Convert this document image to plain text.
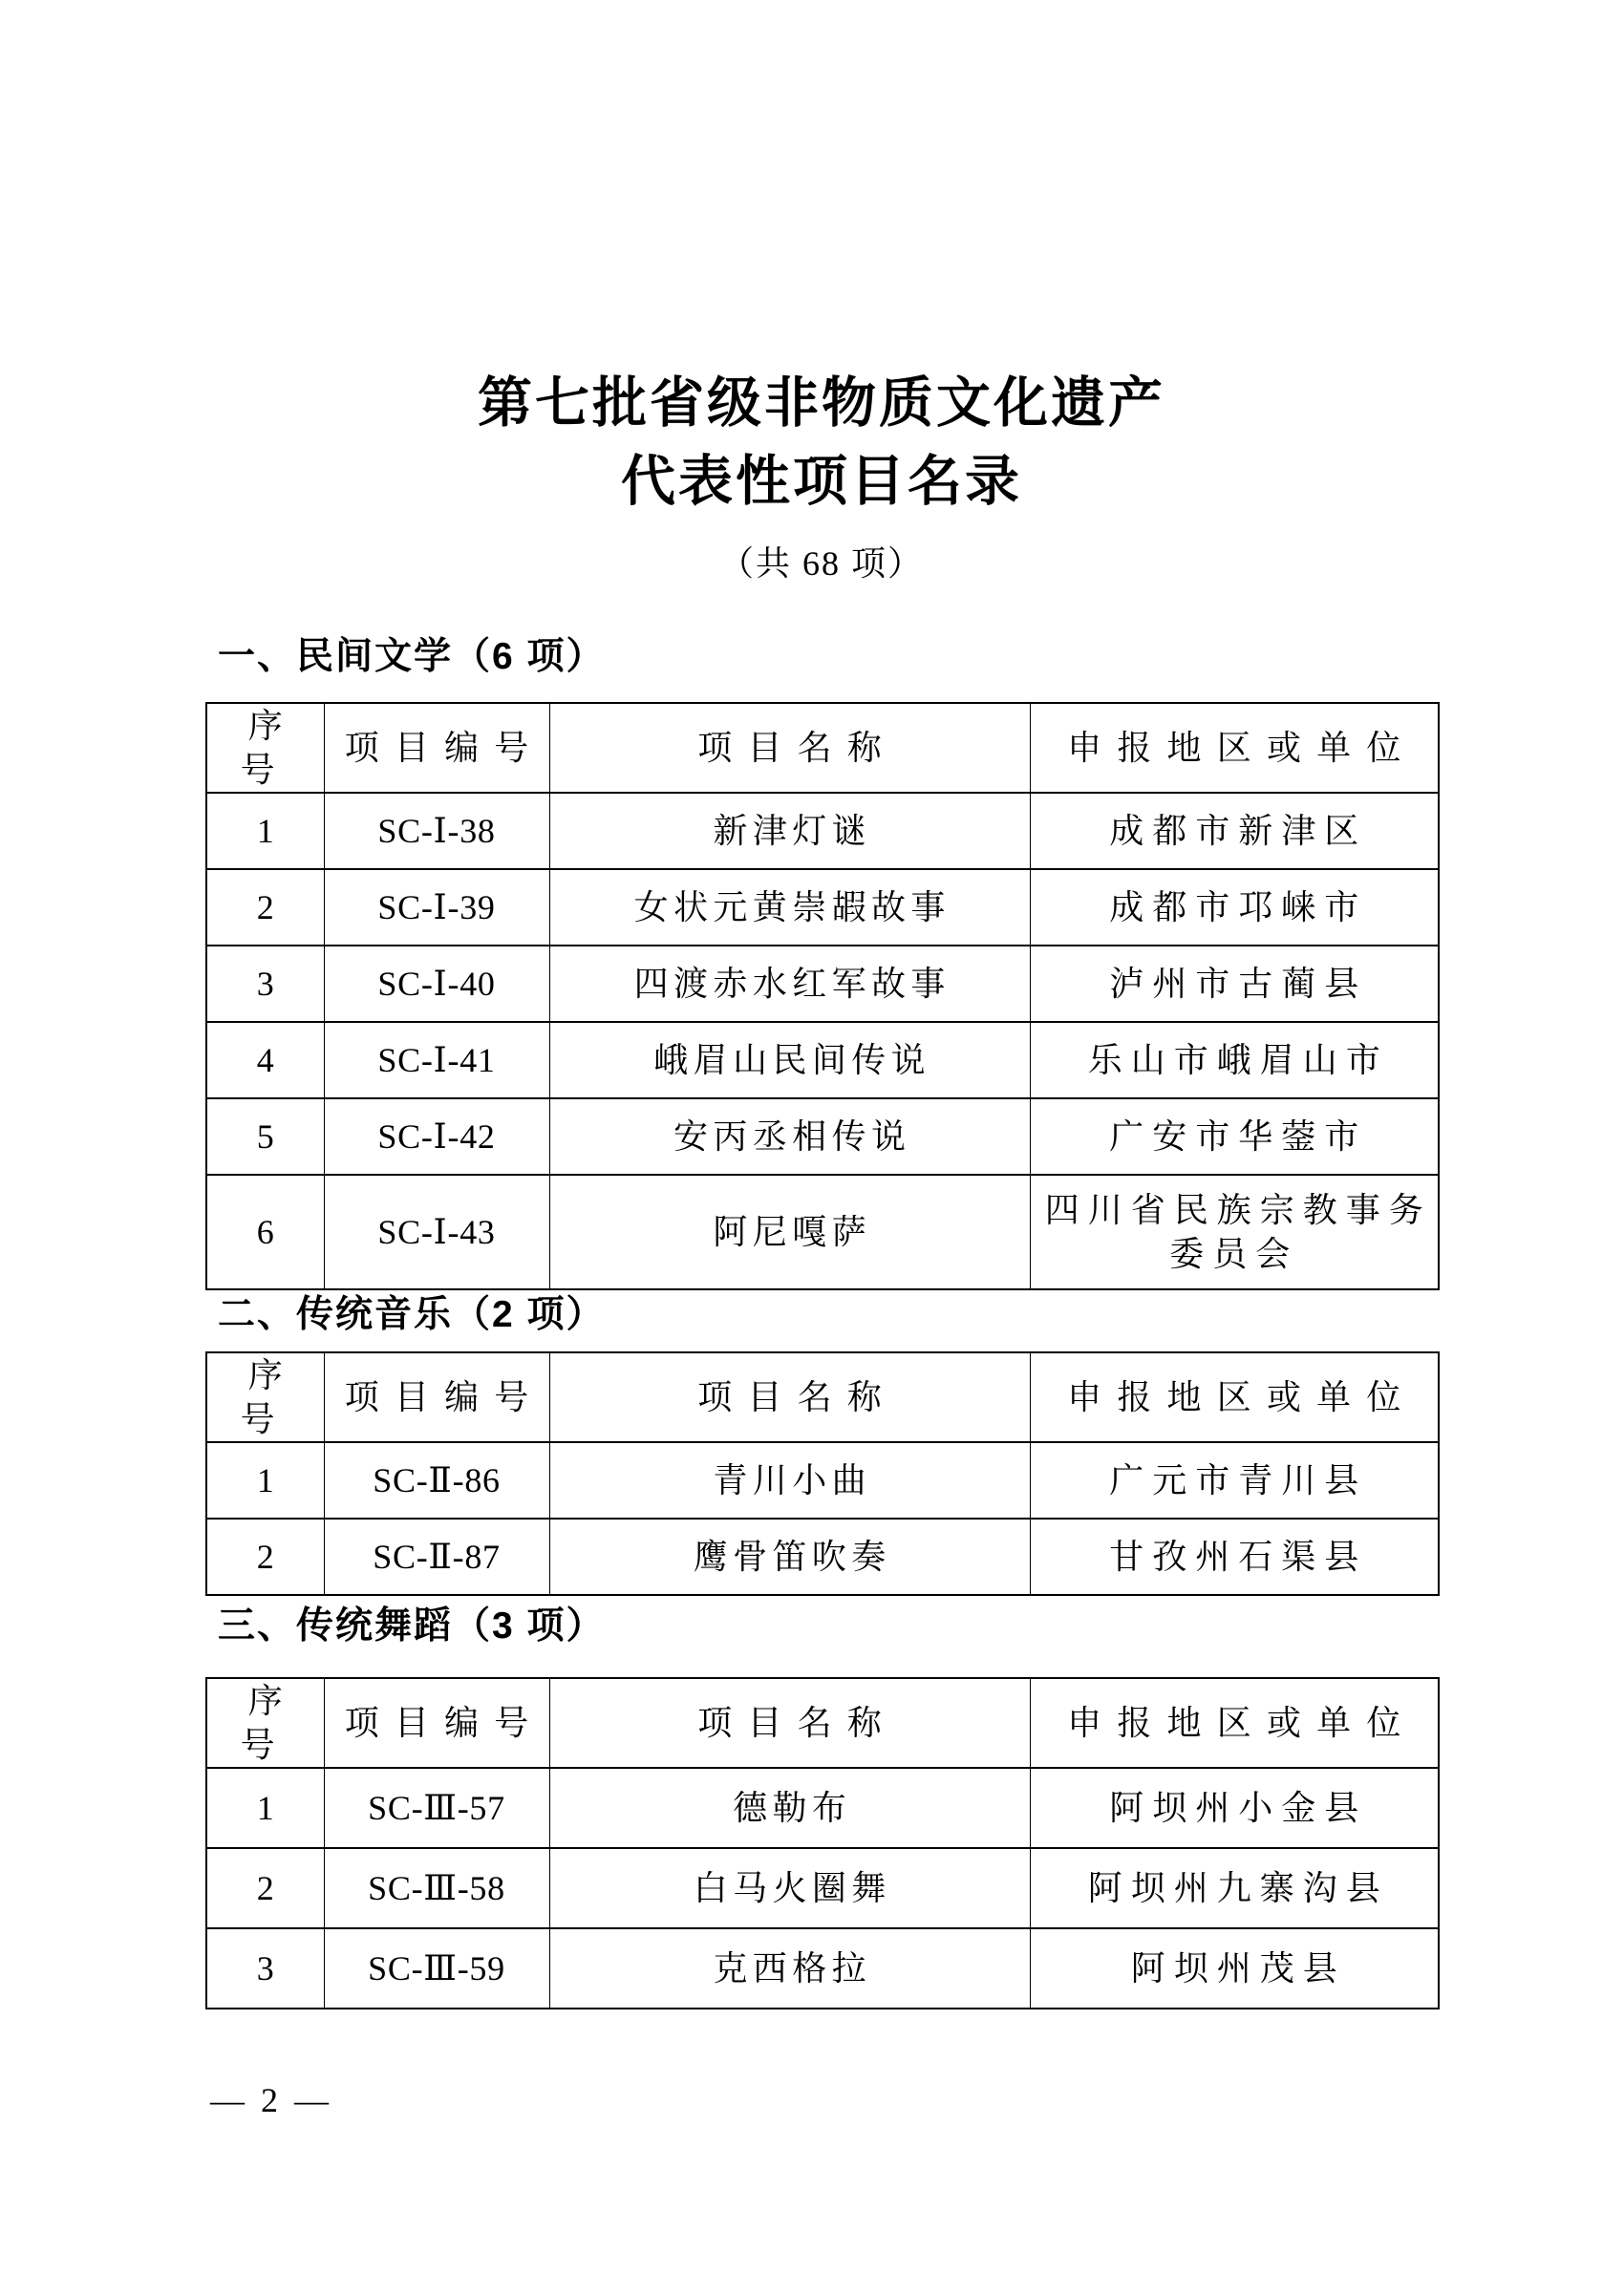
第七批省级非物质文化遗产
代表性项目名录
（共 68 项）
一、民间文学（6 项）
序号	项目编号	项目名称	申报地区或单位
1	SC-Ⅰ-38	新津灯谜	成都市新津区
2	SC-Ⅰ-39	女状元黄崇嘏故事	成都市邛崃市
3	SC-Ⅰ-40	四渡赤水红军故事	泸州市古蔺县
4	SC-Ⅰ-41	峨眉山民间传说	乐山市峨眉山市
5	SC-Ⅰ-42	安丙丞相传说	广安市华蓥市
6	SC-Ⅰ-43	阿尼嘎萨	四川省民族宗教事务委员会
二、传统音乐（2 项）
序号	项目编号	项目名称	申报地区或单位
1	SC-Ⅱ-86	青川小曲	广元市青川县
2	SC-Ⅱ-87	鹰骨笛吹奏	甘孜州石渠县
三、传统舞蹈（3 项）
序号	项目编号	项目名称	申报地区或单位
1	SC-Ⅲ-57	德勒布	阿坝州小金县
2	SC-Ⅲ-58	白马火圈舞	阿坝州九寨沟县
3	SC-Ⅲ-59	克西格拉	阿坝州茂县
— 2 —
